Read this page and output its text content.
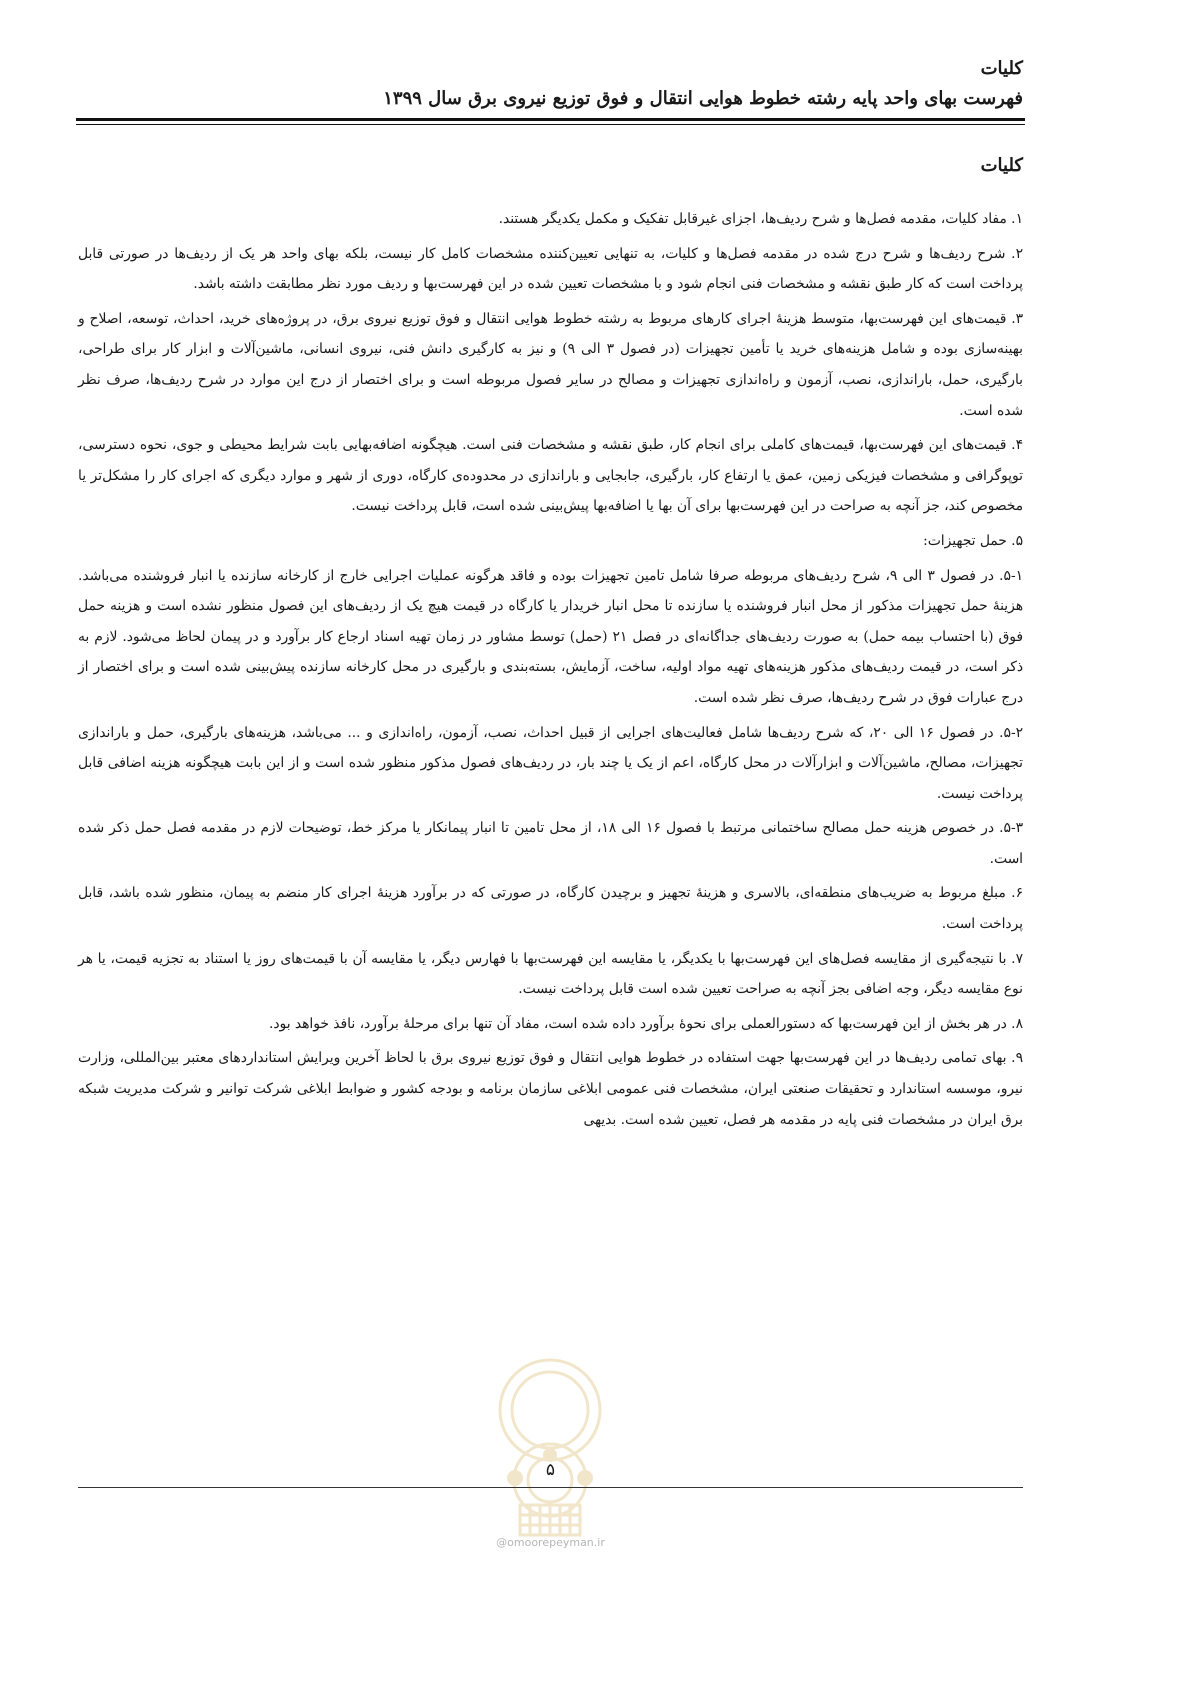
کلیات
فهرست بهای واحد پایه رشته خطوط هوایی انتقال و فوق توزیع نیروی برق سال ۱۳۹۹
کلیات

۱. مفاد کلیات، مقدمه فصل‌ها و شرح ردیف‌ها، اجزای غیرقابل تفکیک و مکمل یکدیگر هستند.

۲. شرح ردیف‌ها و شرح درج شده در مقدمه فصل‌ها و کلیات، به تنهایی تعیین‌کننده مشخصات کامل کار نیست، بلکه بهای واحد هر یک از ردیف‌ها در صورتی قابل پرداخت است که کار طبق نقشه و مشخصات فنی انجام شود و با مشخصات تعیین شده در این فهرست‌بها و ردیف مورد نظر مطابقت داشته باشد.

۳. قیمت‌های این فهرست‌بها، متوسط هزینهٔ اجرای کارهای مربوط به رشته خطوط هوایی انتقال و فوق توزیع نیروی برق، در پروژه‌های خرید، احداث، توسعه، اصلاح و بهینه‌سازی بوده و شامل هزینه‌های خرید یا تأمین تجهیزات (در فصول ۳ الی ۹) و نیز به کارگیری دانش فنی، نیروی انسانی، ماشین‌آلات و ابزار کار برای طراحی، بارگیری، حمل، باراندازی، نصب، آزمون و راه‌اندازی تجهیزات و مصالح در سایر فصول مربوطه است و برای اختصار از درج این موارد در شرح ردیف‌ها، صرف نظر شده است.

۴. قیمت‌های این فهرست‌بها، قیمت‌های کاملی برای انجام کار، طبق نقشه و مشخصات فنی است. هیچگونه اضافه‌بهایی بابت شرایط محیطی و جوی، نحوه دسترسی، توپوگرافی و مشخصات فیزیکی زمین، عمق یا ارتفاع کار، بارگیری، جابجایی و باراندازی در محدوده‌ی کارگاه، دوری از شهر و موارد دیگری که اجرای کار را مشکل‌تر یا مخصوص کند، جز آنچه به صراحت در این فهرست‌بها برای آن بها یا اضافه‌بها پیش‌بینی شده است، قابل پرداخت نیست.

۵. حمل تجهیزات:

۵-۱. در فصول ۳ الی ۹، شرح ردیف‌های مربوطه صرفا شامل تامین تجهیزات بوده و فاقد هرگونه عملیات اجرایی خارج از کارخانه سازنده یا انبار فروشنده می‌باشد. هزینهٔ حمل تجهیزات مذکور از محل انبار فروشنده یا سازنده تا محل انبار خریدار یا کارگاه در قیمت هیچ یک از ردیف‌های این فصول منظور نشده است و هزینه حمل فوق (با احتساب بیمه حمل) به صورت ردیف‌های جداگانه‌ای در فصل ۲۱ (حمل) توسط مشاور در زمان تهیه اسناد ارجاع کار برآورد و در پیمان لحاظ می‌شود. لازم به ذکر است، در قیمت ردیف‌های مذکور هزینه‌های تهیه مواد اولیه، ساخت، آزمایش، بسته‌بندی و بارگیری در محل کارخانه سازنده پیش‌بینی شده است و برای اختصار از درج عبارات فوق در شرح ردیف‌ها، صرف نظر شده است.

۵-۲. در فصول ۱۶ الی ۲۰، که شرح ردیف‌ها شامل فعالیت‌های اجرایی از قبیل احداث، نصب، آزمون، راه‌اندازی و ... می‌باشد، هزینه‌های بارگیری، حمل و باراندازی تجهیزات، مصالح، ماشین‌آلات و ابزارآلات در محل کارگاه، اعم از یک یا چند بار، در ردیف‌های فصول مذکور منظور شده است و از این بابت هیچگونه هزینه اضافی قابل پرداخت نیست.

۵-۳. در خصوص هزینه حمل مصالح ساختمانی مرتبط با فصول ۱۶ الی ۱۸، از محل تامین تا انبار پیمانکار یا مرکز خط، توضیحات لازم در مقدمه فصل حمل ذکر شده است.

۶. مبلغ مربوط به ضریب‌های منطقه‌ای، بالاسری و هزینهٔ تجهیز و برچیدن کارگاه، در صورتی که در برآورد هزینهٔ اجرای کار منضم به پیمان، منظور شده باشد، قابل پرداخت است.

۷. با نتیجه‌گیری از مقایسه فصل‌های این فهرست‌بها با یکدیگر، یا مقایسه این فهرست‌بها با فهارس دیگر، یا مقایسه آن با قیمت‌های روز یا استناد به تجزیه قیمت، یا هر نوع مقایسه دیگر، وجه اضافی بجز آنچه به صراحت تعیین شده است قابل پرداخت نیست.

۸. در هر بخش از این فهرست‌بها که دستورالعملی برای نحوهٔ برآورد داده شده است، مفاد آن تنها برای مرحلهٔ برآورد، نافذ خواهد بود.

۹. بهای تمامی ردیف‌ها در این فهرست‌بها جهت استفاده در خطوط هوایی انتقال و فوق توزیع نیروی برق با لحاظ آخرین ویرایش استانداردهای معتبر بین‌المللی، وزارت نیرو، موسسه استاندارد و تحقیقات صنعتی ایران، مشخصات فنی عمومی ابلاغی سازمان برنامه و بودجه کشور و ضوابط ابلاغی شرکت توانیر و شرکت مدیریت شبکه برق ایران در مشخصات فنی پایه در مقدمه هر فصل، تعیین شده است. بدیهی

۵
@omoorepeyman.ir
